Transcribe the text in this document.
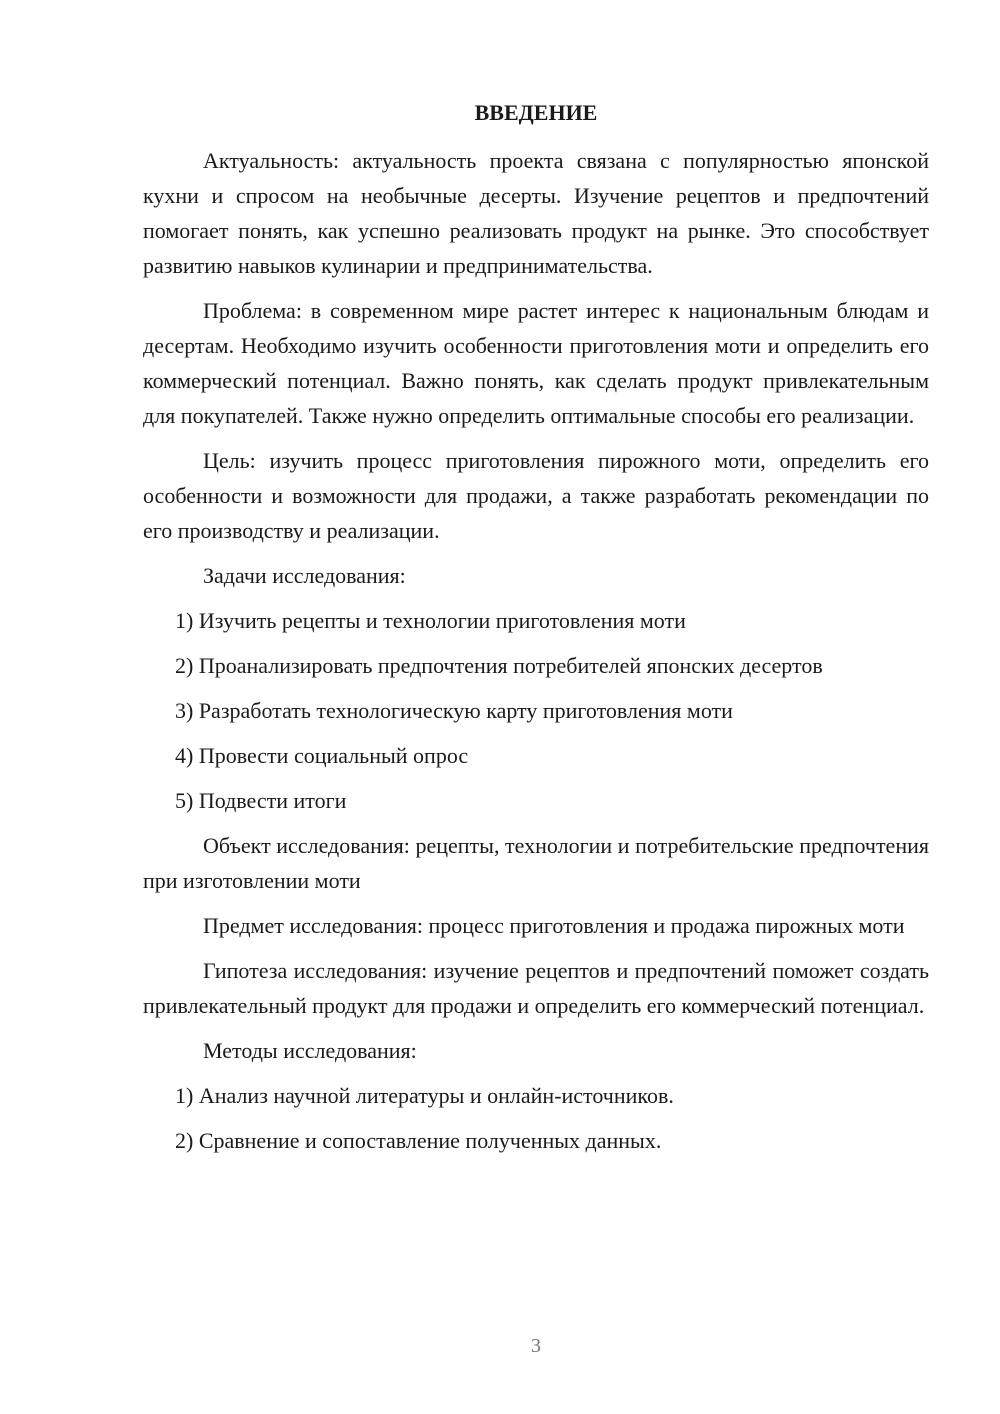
ВВЕДЕНИЕ

Актуальность: актуальность проекта связана с популярностью японской кухни и спросом на необычные десерты. Изучение рецептов и предпочтений помогает понять, как успешно реализовать продукт на рынке. Это способствует развитию навыков кулинарии и предпринимательства.

Проблема: в современном мире растет интерес к национальным блюдам и десертам. Необходимо изучить особенности приготовления моти и определить его коммерческий потенциал. Важно понять, как сделать продукт привлекательным для покупателей. Также нужно определить оптимальные способы его реализации.

Цель: изучить процесс приготовления пирожного моти, определить его особенности и возможности для продажи, а также разработать рекомендации по его производству и реализации.

Задачи исследования:

1) Изучить рецепты и технологии приготовления моти

2) Проанализировать предпочтения потребителей японских десертов

3) Разработать технологическую карту приготовления моти

4) Провести социальный опрос

5) Подвести итоги

Объект исследования: рецепты, технологии и потребительские предпочтения при изготовлении моти

Предмет исследования: процесс приготовления и продажа пирожных моти

Гипотеза исследования: изучение рецептов и предпочтений поможет создать привлекательный продукт для продажи и определить его коммерческий потенциал.

Методы исследования:

1) Анализ научной литературы и онлайн-источников.

2) Сравнение и сопоставление полученных данных.

3
